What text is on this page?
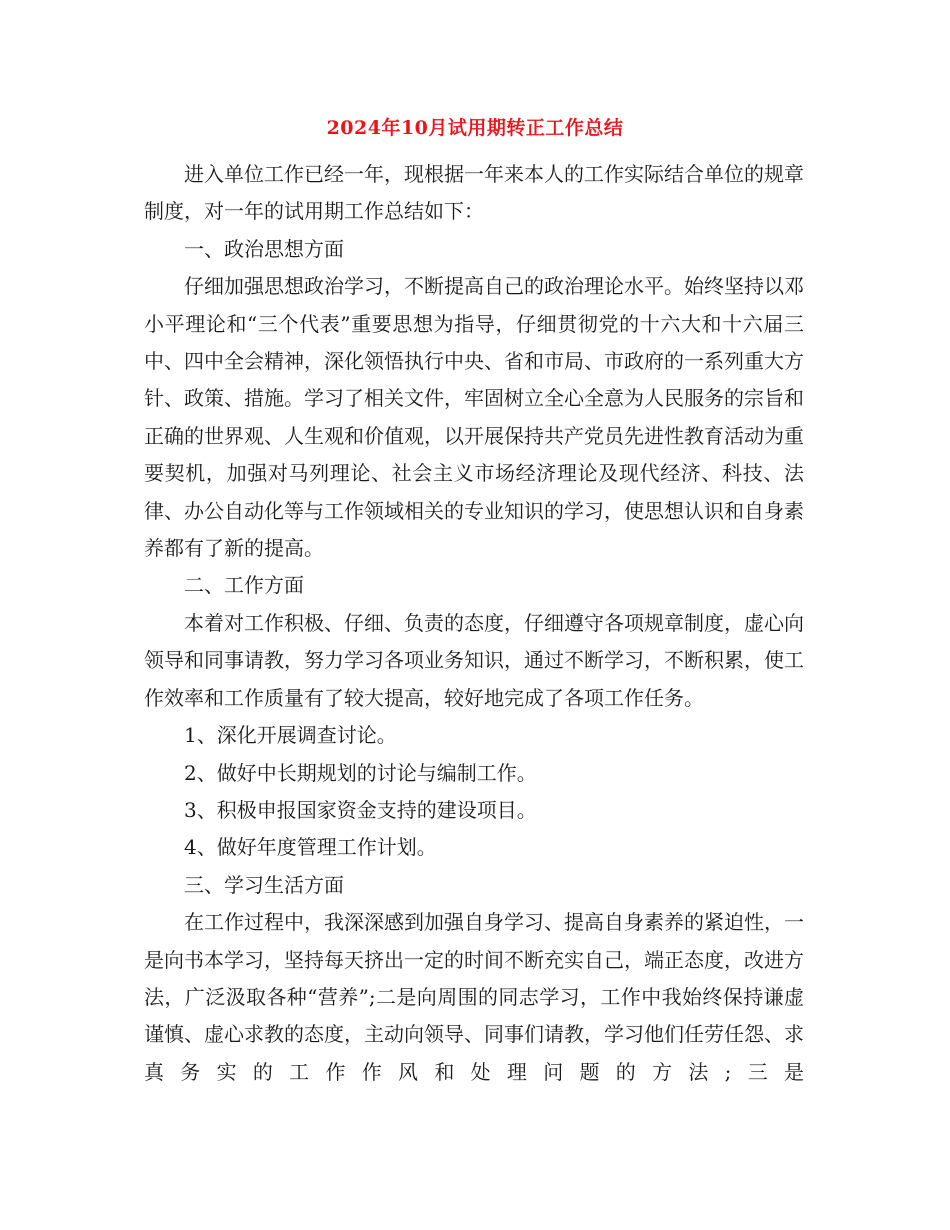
2024年10月试用期转正工作总结

进入单位工作已经一年，现根据一年来本人的工作实际结合单位的规章制度，对一年的试用期工作总结如下：

一、政治思想方面

仔细加强思想政治学习，不断提高自己的政治理论水平。始终坚持以邓小平理论和“三个代表”重要思想为指导，仔细贯彻党的十六大和十六届三中、四中全会精神，深化领悟执行中央、省和市局、市政府的一系列重大方针、政策、措施。学习了相关文件，牢固树立全心全意为人民服务的宗旨和正确的世界观、人生观和价值观，以开展保持共产党员先进性教育活动为重要契机，加强对马列理论、社会主义市场经济理论及现代经济、科技、法律、办公自动化等与工作领域相关的专业知识的学习，使思想认识和自身素养都有了新的提高。

二、工作方面

本着对工作积极、仔细、负责的态度，仔细遵守各项规章制度，虚心向领导和同事请教，努力学习各项业务知识，通过不断学习，不断积累，使工作效率和工作质量有了较大提高，较好地完成了各项工作任务。

1、深化开展调查讨论。

2、做好中长期规划的讨论与编制工作。

3、积极申报国家资金支持的建设项目。

4、做好年度管理工作计划。

三、学习生活方面

在工作过程中，我深深感到加强自身学习、提高自身素养的紧迫性，一是向书本学习，坚持每天挤出一定的时间不断充实自己，端正态度，改进方法，广泛汲取各种“营养”;二是向周围的同志学习，工作中我始终保持谦虚谨慎、虚心求教的态度，主动向领导、同事们请教，学习他们任劳任怨、求真务实的工作作风和处理问题的方法;三是
